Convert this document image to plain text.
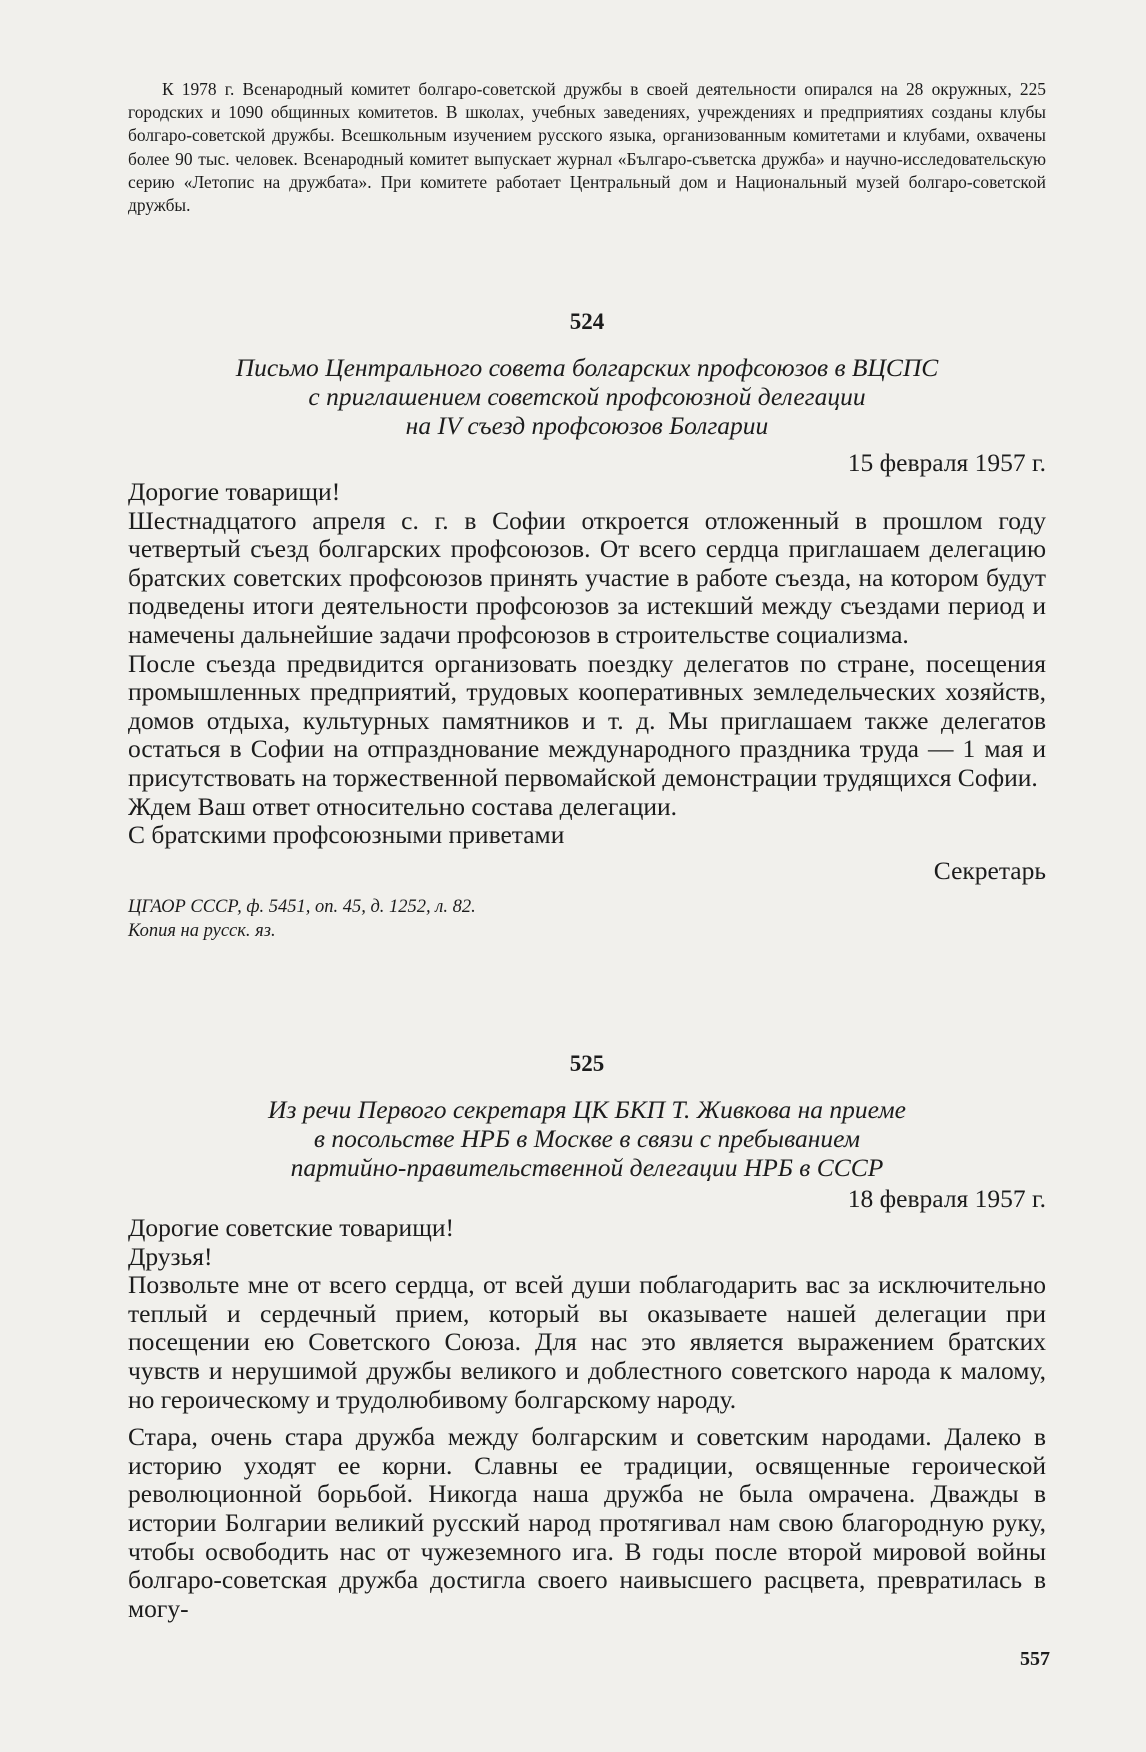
К 1978 г. Всенародный комитет болгаро-советской дружбы в своей деятельности опирался на 28 окружных, 225 городских и 1090 общинных комитетов. В школах, учебных заведениях, учреждениях и предприятиях созданы клубы болгаро-советской дружбы. Всешкольным изучением русского языка, организованным комитетами и клубами, охвачены более 90 тыс. человек. Всенародный комитет выпускает журнал «Българо-съветска дружба» и научно-исследовательскую серию «Летопис на дружбата». При комитете работает Центральный дом и Национальный музей болгаро-советской дружбы.

524
Письмо Центрального совета болгарских профсоюзов в ВЦСПС
с приглашением советской профсоюзной делегации
на IV съезд профсоюзов Болгарии
15 февраля 1957 г.

Дорогие товарищи!

Шестнадцатого апреля с. г. в Софии откроется отложенный в прошлом году четвертый съезд болгарских профсоюзов. От всего сердца приглашаем делегацию братских советских профсоюзов принять участие в работе съезда, на котором будут подведены итоги деятельности профсоюзов за истекший между съездами период и намечены дальнейшие задачи профсоюзов в строительстве социализма.

После съезда предвидится организовать поездку делегатов по стране, посещения промышленных предприятий, трудовых кооперативных земледельческих хозяйств, домов отдыха, культурных памятников и т. д. Мы приглашаем также делегатов остаться в Софии на отпразднование международного праздника труда — 1 мая и присутствовать на торжественной первомайской демонстрации трудящихся Софии.

Ждем Ваш ответ относительно состава делегации.

С братскими профсоюзными приветами

Секретарь
ЦГАОР СССР, ф. 5451, оп. 45, д. 1252, л. 82.
Копия на русск. яз.
525
Из речи Первого секретаря ЦК БКП Т. Живкова на приеме
в посольстве НРБ в Москве в связи с пребыванием
партийно-правительственной делегации НРБ в СССР
18 февраля 1957 г.

Дорогие советские товарищи!

Друзья!

Позвольте мне от всего сердца, от всей души поблагодарить вас за исключительно теплый и сердечный прием, который вы оказываете нашей делегации при посещении ею Советского Союза. Для нас это является выражением братских чувств и нерушимой дружбы великого и доблестного советского народа к малому, но героическому и трудолюбивому болгарскому народу.

Стара, очень стара дружба между болгарским и советским народами. Далеко в историю уходят ее корни. Славны ее традиции, освященные героической революционной борьбой. Никогда наша дружба не была омрачена. Дважды в истории Болгарии великий русский народ протягивал нам свою благородную руку, чтобы освободить нас от чужеземного ига. В годы после второй мировой войны болгаро-советская дружба достигла своего наивысшего расцвета, превратилась в могу-

557
